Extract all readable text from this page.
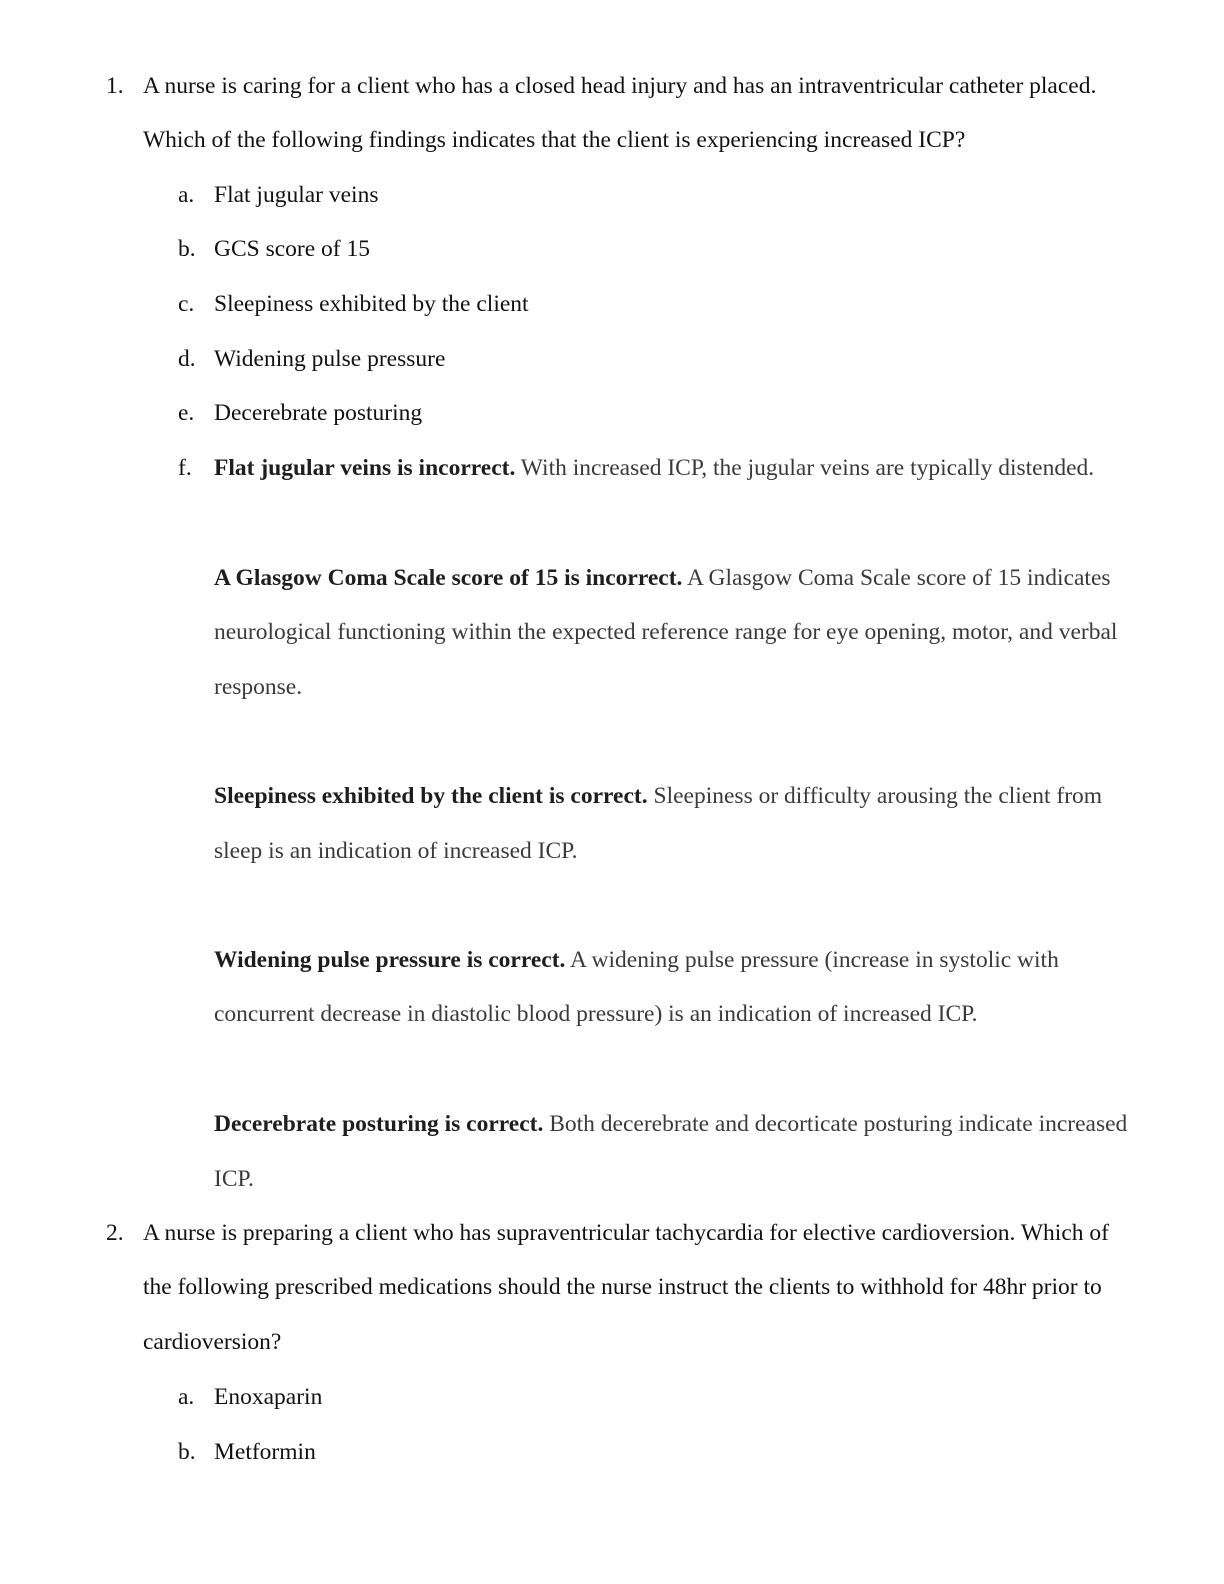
1. A nurse is caring for a client who has a closed head injury and has an intraventricular catheter placed.
Which of the following findings indicates that the client is experiencing increased ICP?
a. Flat jugular veins
b. GCS score of 15
c. Sleepiness exhibited by the client
d. Widening pulse pressure
e. Decerebrate posturing
f. Flat jugular veins is incorrect. With increased ICP, the jugular veins are typically distended.
A Glasgow Coma Scale score of 15 is incorrect. A Glasgow Coma Scale score of 15 indicates
neurological functioning within the expected reference range for eye opening, motor, and verbal
response.
Sleepiness exhibited by the client is correct. Sleepiness or difficulty arousing the client from
sleep is an indication of increased ICP.
Widening pulse pressure is correct. A widening pulse pressure (increase in systolic with
concurrent decrease in diastolic blood pressure) is an indication of increased ICP.
Decerebrate posturing is correct. Both decerebrate and decorticate posturing indicate increased
ICP.
2. A nurse is preparing a client who has supraventricular tachycardia for elective cardioversion. Which of
the following prescribed medications should the nurse instruct the clients to withhold for 48hr prior to
cardioversion?
a. Enoxaparin
b. Metformin
